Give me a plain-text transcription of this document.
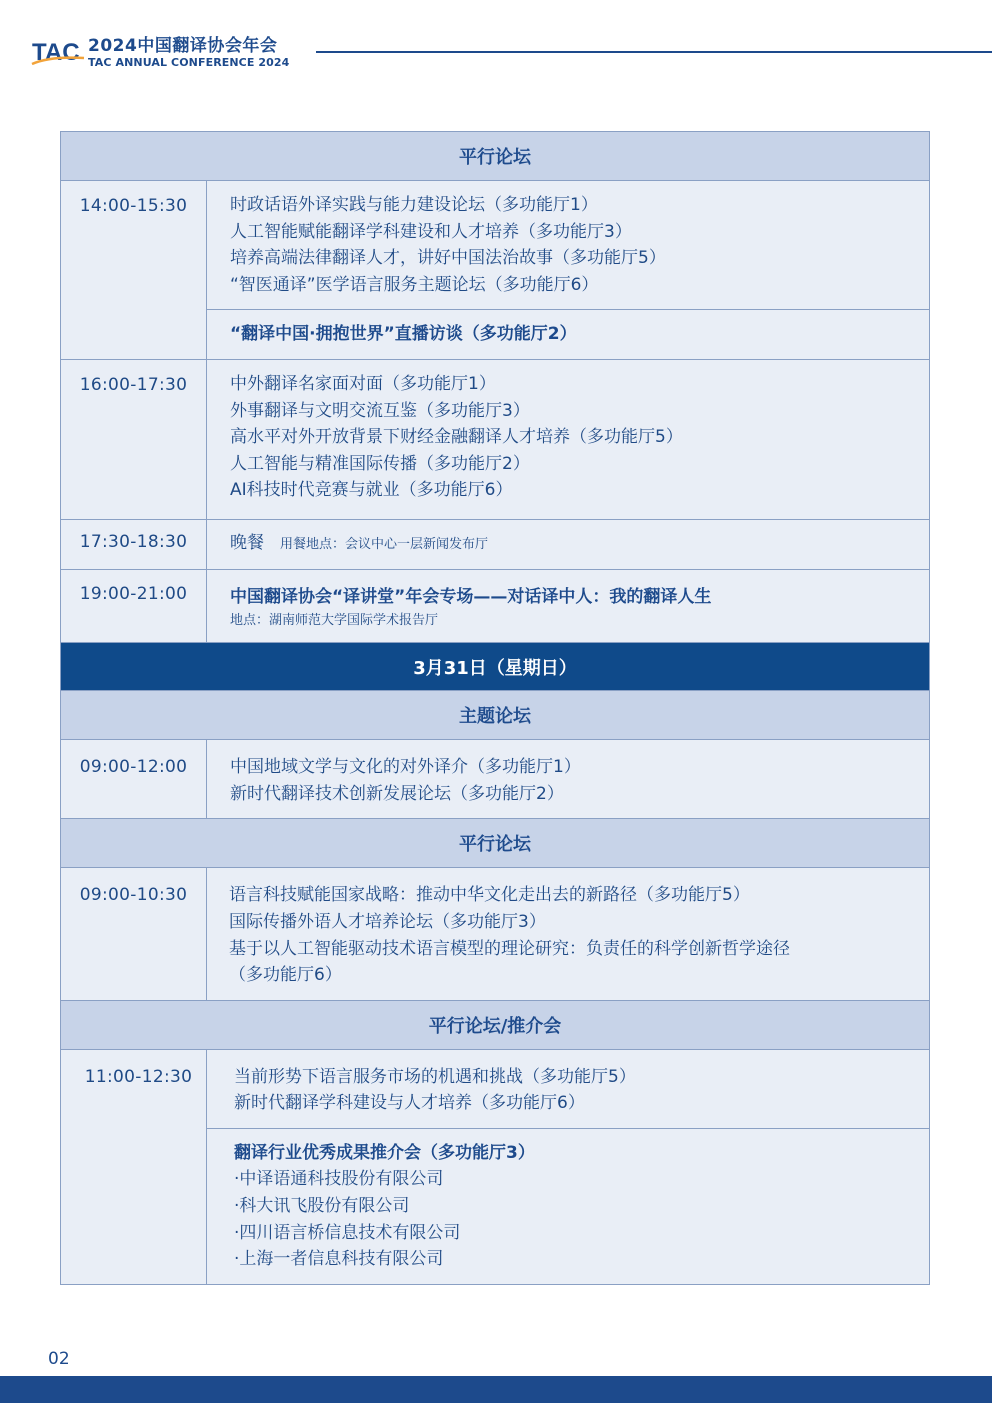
TAC 2024中国翻译协会年会
TAC ANNUAL CONFERENCE 2024
平行论坛
14:00-15:30	时政话语外译实践与能力建设论坛（多功能厅1）
人工智能赋能翻译学科建设和人才培养（多功能厅3）
培养高端法律翻译人才，讲好中国法治故事（多功能厅5）
“智医通译”医学语言服务主题论坛（多功能厅6）
“翻译中国·拥抱世界”直播访谈（多功能厅2）
16:00-17:30	中外翻译名家面对面（多功能厅1）
外事翻译与文明交流互鉴（多功能厅3）
高水平对外开放背景下财经金融翻译人才培养（多功能厅5）
人工智能与精准国际传播（多功能厅2）
AI科技时代竞赛与就业（多功能厅6）
17:30-18:30	晚餐 用餐地点：会议中心一层新闻发布厅
19:00-21:00	中国翻译协会“译讲堂”年会专场——对话译中人：我的翻译人生
地点：湖南师范大学国际学术报告厅
3月31日（星期日）
主题论坛
09:00-12:00	中国地域文学与文化的对外译介（多功能厅1）
新时代翻译技术创新发展论坛（多功能厅2）
平行论坛
09:00-10:30	语言科技赋能国家战略：推动中华文化走出去的新路径（多功能厅5）
国际传播外语人才培养论坛（多功能厅3）
基于以人工智能驱动技术语言模型的理论研究：负责任的科学创新哲学途径
（多功能厅6）
平行论坛/推介会
11:00-12:30	当前形势下语言服务市场的机遇和挑战（多功能厅5）
新时代翻译学科建设与人才培养（多功能厅6）
翻译行业优秀成果推介会（多功能厅3）
·中译语通科技股份有限公司
·科大讯飞股份有限公司
·四川语言桥信息技术有限公司
·上海一者信息科技有限公司
02
